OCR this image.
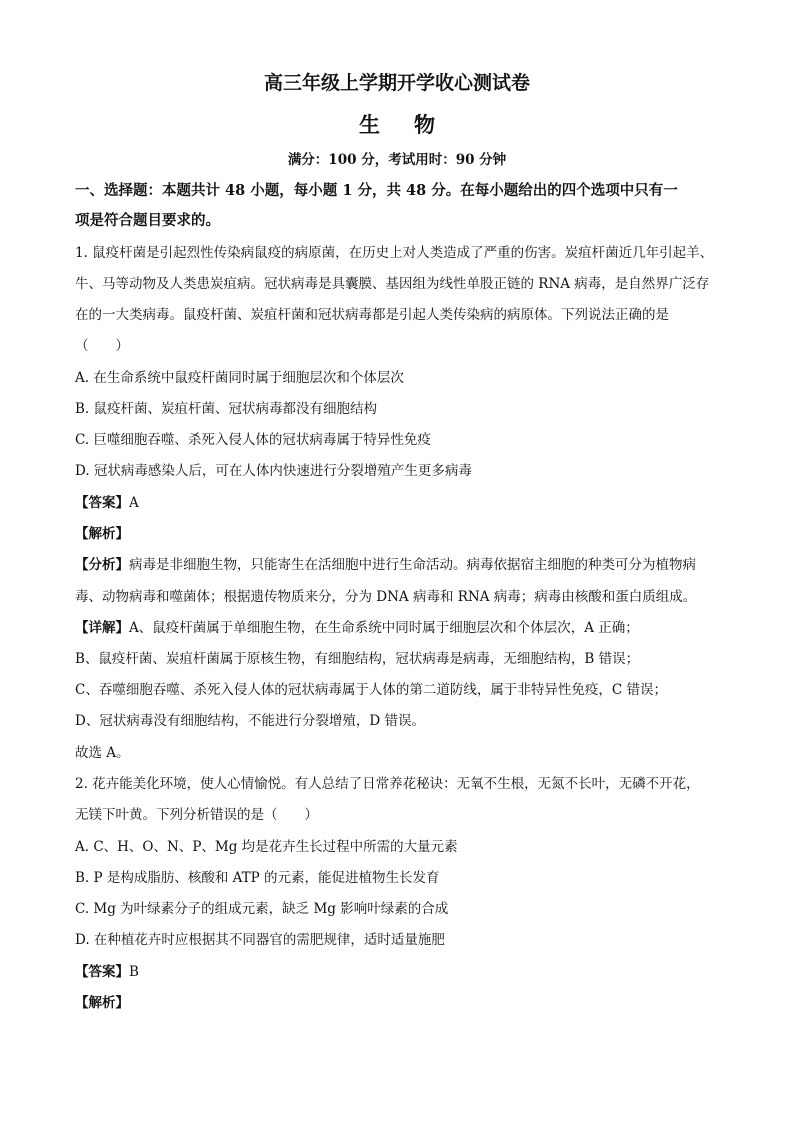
高三年级上学期开学收心测试卷
生 物
满分：100 分，考试用时：90 分钟
一、选择题：本题共计 48 小题，每小题 1 分，共 48 分。在每小题给出的四个选项中只有一
项是符合题目要求的。
1. 鼠疫杆菌是引起烈性传染病鼠疫的病原菌，在历史上对人类造成了严重的伤害。炭疽杆菌近几年引起羊、
牛、马等动物及人类患炭疽病。冠状病毒是具囊膜、基因组为线性单股正链的 RNA 病毒，是自然界广泛存
在的一大类病毒。鼠疫杆菌、炭疽杆菌和冠状病毒都是引起人类传染病的病原体。下列说法正确的是
（　　）
A. 在生命系统中鼠疫杆菌同时属于细胞层次和个体层次
B. 鼠疫杆菌、炭疽杆菌、冠状病毒都没有细胞结构
C. 巨噬细胞吞噬、杀死入侵人体的冠状病毒属于特异性免疫
D. 冠状病毒感染人后，可在人体内快速进行分裂增殖产生更多病毒
【答案】A
【解析】
【分析】病毒是非细胞生物，只能寄生在活细胞中进行生命活动。病毒依据宿主细胞的种类可分为植物病
毒、动物病毒和噬菌体；根据遗传物质来分，分为 DNA 病毒和 RNA 病毒；病毒由核酸和蛋白质组成。
【详解】A、鼠疫杆菌属于单细胞生物，在生命系统中同时属于细胞层次和个体层次，A 正确；
B、鼠疫杆菌、炭疽杆菌属于原核生物，有细胞结构，冠状病毒是病毒，无细胞结构，B 错误；
C、吞噬细胞吞噬、杀死入侵人体的冠状病毒属于人体的第二道防线，属于非特异性免疫，C 错误；
D、冠状病毒没有细胞结构，不能进行分裂增殖，D 错误。
故选 A。
2. 花卉能美化环境，使人心情愉悦。有人总结了日常养花秘诀：无氧不生根，无氮不长叶，无磷不开花，
无镁下叶黄。下列分析错误的是（　　）
A. C、H、O、N、P、Mg 均是花卉生长过程中所需的大量元素
B. P 是构成脂肪、核酸和 ATP 的元素，能促进植物生长发育
C. Mg 为叶绿素分子的组成元素，缺乏 Mg 影响叶绿素的合成
D. 在种植花卉时应根据其不同器官的需肥规律，适时适量施肥
【答案】B
【解析】
